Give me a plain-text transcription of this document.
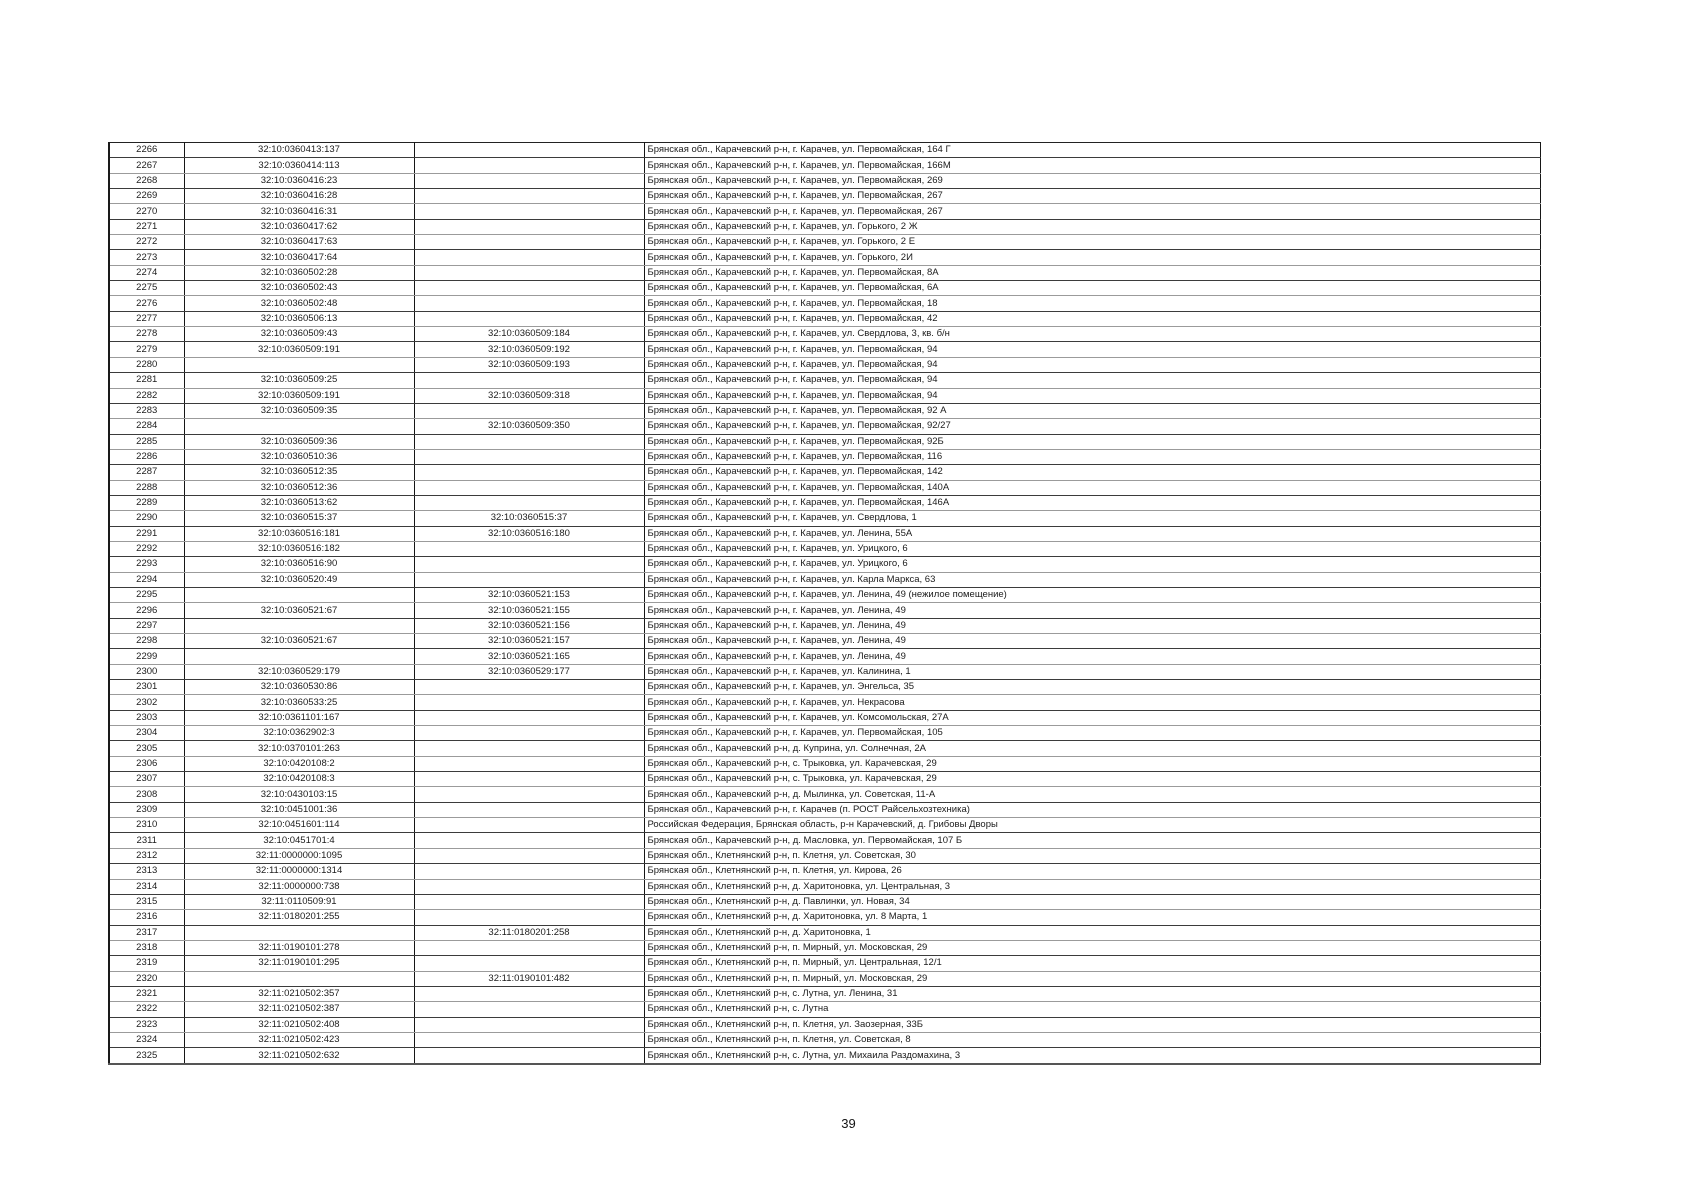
2266	32:10:0360413:137		Брянская обл., Карачевский р-н, г. Карачев, ул. Первомайская, 164 Г
2267	32:10:0360414:113		Брянская обл., Карачевский р-н, г. Карачев, ул. Первомайская, 166М
2268	32:10:0360416:23		Брянская обл., Карачевский р-н, г. Карачев, ул. Первомайская, 269
2269	32:10:0360416:28		Брянская обл., Карачевский р-н, г. Карачев, ул. Первомайская, 267
2270	32:10:0360416:31		Брянская обл., Карачевский р-н, г. Карачев, ул. Первомайская, 267
2271	32:10:0360417:62		Брянская обл., Карачевский р-н, г. Карачев, ул. Горького, 2 Ж
2272	32:10:0360417:63		Брянская обл., Карачевский р-н, г. Карачев, ул. Горького, 2 Е
2273	32:10:0360417:64		Брянская обл., Карачевский р-н, г. Карачев, ул. Горького, 2И
2274	32:10:0360502:28		Брянская обл., Карачевский р-н, г. Карачев, ул. Первомайская, 8А
2275	32:10:0360502:43		Брянская обл., Карачевский р-н, г. Карачев, ул. Первомайская, 6А
2276	32:10:0360502:48		Брянская обл., Карачевский р-н, г. Карачев, ул. Первомайская, 18
2277	32:10:0360506:13		Брянская обл., Карачевский р-н, г. Карачев, ул. Первомайская, 42
2278	32:10:0360509:43	32:10:0360509:184	Брянская обл., Карачевский р-н, г. Карачев, ул. Свердлова, 3, кв. б/н
2279	32:10:0360509:191	32:10:0360509:192	Брянская обл., Карачевский р-н, г. Карачев, ул. Первомайская, 94
2280		32:10:0360509:193	Брянская обл., Карачевский р-н, г. Карачев, ул. Первомайская, 94
2281	32:10:0360509:25		Брянская обл., Карачевский р-н, г. Карачев, ул. Первомайская, 94
2282	32:10:0360509:191	32:10:0360509:318	Брянская обл., Карачевский р-н, г. Карачев, ул. Первомайская, 94
2283	32:10:0360509:35		Брянская обл., Карачевский р-н, г. Карачев, ул. Первомайская, 92 А
2284		32:10:0360509:350	Брянская обл., Карачевский р-н, г. Карачев, ул. Первомайская, 92/27
2285	32:10:0360509:36		Брянская обл., Карачевский р-н, г. Карачев, ул. Первомайская, 92Б
2286	32:10:0360510:36		Брянская обл., Карачевский р-н, г. Карачев, ул. Первомайская, 116
2287	32:10:0360512:35		Брянская обл., Карачевский р-н, г. Карачев, ул. Первомайская, 142
2288	32:10:0360512:36		Брянская обл., Карачевский р-н, г. Карачев, ул. Первомайская, 140А
2289	32:10:0360513:62		Брянская обл., Карачевский р-н, г. Карачев, ул. Первомайская, 146А
2290	32:10:0360515:37	32:10:0360515:37	Брянская обл., Карачевский р-н, г. Карачев, ул. Свердлова, 1
2291	32:10:0360516:181	32:10:0360516:180	Брянская обл., Карачевский р-н, г. Карачев, ул. Ленина, 55А
2292	32:10:0360516:182		Брянская обл., Карачевский р-н, г. Карачев, ул. Урицкого, 6
2293	32:10:0360516:90		Брянская обл., Карачевский р-н, г. Карачев, ул. Урицкого, 6
2294	32:10:0360520:49		Брянская обл., Карачевский р-н, г. Карачев, ул. Карла Маркса, 63
2295		32:10:0360521:153	Брянская обл., Карачевский р-н, г. Карачев, ул. Ленина, 49 (нежилое помещение)
2296	32:10:0360521:67	32:10:0360521:155	Брянская обл., Карачевский р-н, г. Карачев, ул. Ленина, 49
2297		32:10:0360521:156	Брянская обл., Карачевский р-н, г. Карачев, ул. Ленина, 49
2298	32:10:0360521:67	32:10:0360521:157	Брянская обл., Карачевский р-н, г. Карачев, ул. Ленина, 49
2299		32:10:0360521:165	Брянская обл., Карачевский р-н, г. Карачев, ул. Ленина, 49
2300	32:10:0360529:179	32:10:0360529:177	Брянская обл., Карачевский р-н, г. Карачев, ул. Калинина, 1
2301	32:10:0360530:86		Брянская обл., Карачевский р-н, г. Карачев, ул. Энгельса, 35
2302	32:10:0360533:25		Брянская обл., Карачевский р-н, г. Карачев, ул. Некрасова
2303	32:10:0361101:167		Брянская обл., Карачевский р-н, г. Карачев, ул. Комсомольская, 27А
2304	32:10:0362902:3		Брянская обл., Карачевский р-н, г. Карачев, ул. Первомайская, 105
2305	32:10:0370101:263		Брянская обл., Карачевский р-н, д. Куприна, ул. Солнечная, 2А
2306	32:10:0420108:2		Брянская обл., Карачевский р-н, с. Трыковка, ул. Карачевская, 29
2307	32:10:0420108:3		Брянская обл., Карачевский р-н, с. Трыковка, ул. Карачевская, 29
2308	32:10:0430103:15		Брянская обл., Карачевский р-н, д. Мылинка, ул. Советская, 11-А
2309	32:10:0451001:36		Брянская обл., Карачевский р-н, г. Карачев (п. РОСТ Райсельхозтехника)
2310	32:10:0451601:114		Российская Федерация, Брянская область, р-н Карачевский, д. Грибовы Дворы
2311	32:10:0451701:4		Брянская обл., Карачевский р-н, д. Масловка, ул. Первомайская, 107 Б
2312	32:11:0000000:1095		Брянская обл., Клетнянский р-н, п. Клетня, ул. Советская, 30
2313	32:11:0000000:1314		Брянская обл., Клетнянский р-н, п. Клетня, ул. Кирова, 26
2314	32:11:0000000:738		Брянская обл., Клетнянский р-н, д. Харитоновка, ул. Центральная, 3
2315	32:11:0110509:91		Брянская обл., Клетнянский р-н, д. Павлинки, ул. Новая, 34
2316	32:11:0180201:255		Брянская обл., Клетнянский р-н, д. Харитоновка, ул. 8 Марта, 1
2317		32:11:0180201:258	Брянская обл., Клетнянский р-н, д. Харитоновка, 1
2318	32:11:0190101:278		Брянская обл., Клетнянский р-н, п. Мирный, ул. Московская, 29
2319	32:11:0190101:295		Брянская обл., Клетнянский р-н, п. Мирный, ул. Центральная, 12/1
2320		32:11:0190101:482	Брянская обл., Клетнянский р-н, п. Мирный, ул. Московская, 29
2321	32:11:0210502:357		Брянская обл., Клетнянский р-н, с. Лутна, ул. Ленина, 31
2322	32:11:0210502:387		Брянская обл., Клетнянский р-н, с. Лутна
2323	32:11:0210502:408		Брянская обл., Клетнянский р-н, п. Клетня, ул. Заозерная, 33Б
2324	32:11:0210502:423		Брянская обл., Клетнянский р-н, п. Клетня, ул. Советская, 8
2325	32:11:0210502:632		Брянская обл., Клетнянский р-н, с. Лутна, ул. Михаила Раздомахина, 3
39
